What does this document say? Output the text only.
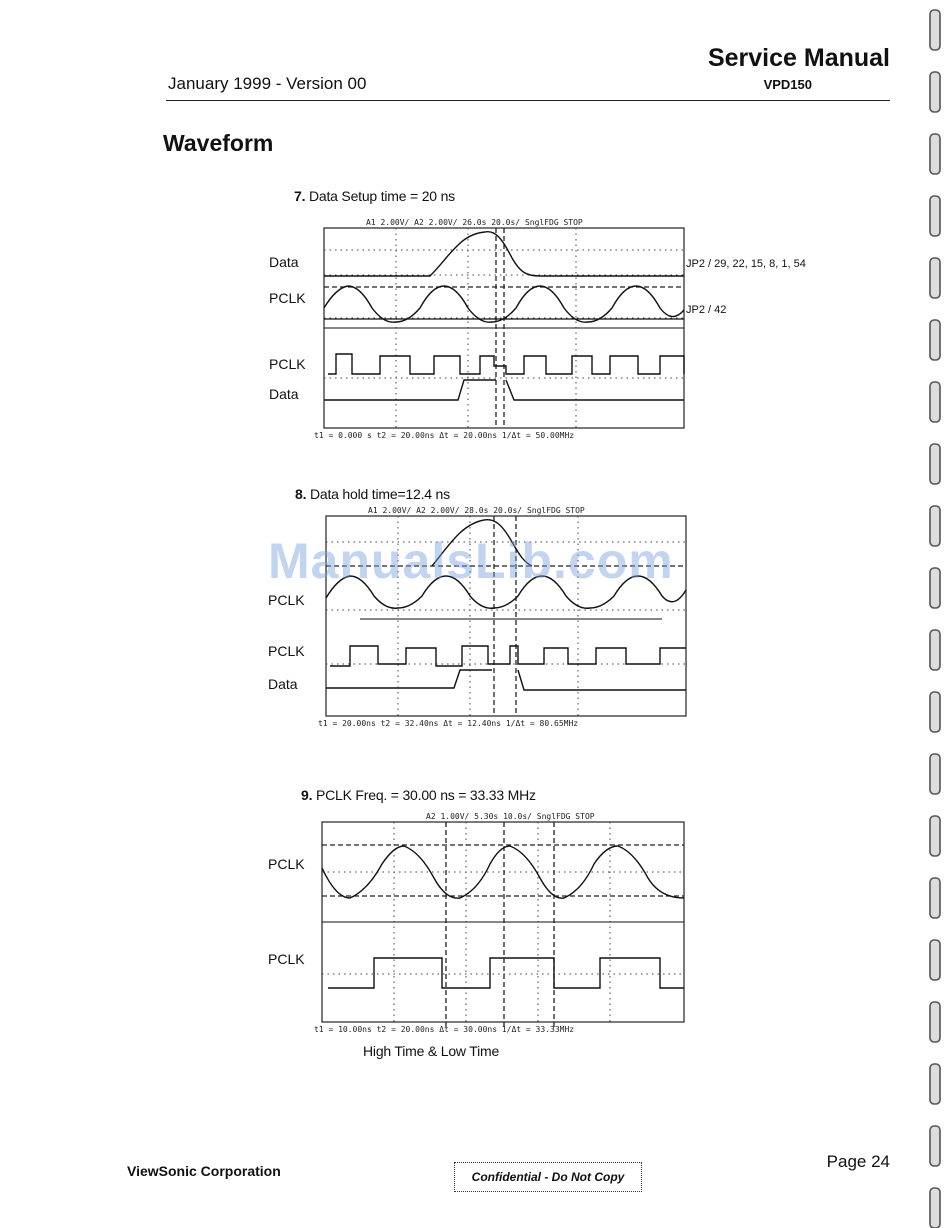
Service Manual
VPD150
January 1999 - Version 00
Waveform
7. Data Setup time = 20 ns
A1 2.00V/ A2 2.00V/ 26.0s 20.0s/ SnglFDG STOP
t1 = 0.000 s t2 = 20.00ns Δt = 20.00ns 1/Δt = 50.00MHz
Data
PCLK
PCLK
Data
JP2 / 29, 22, 15, 8, 1, 54
JP2 / 42
8. Data hold time=12.4 ns
A1 2.00V/ A2 2.00V/ 28.0s 20.0s/ SnglFDG STOP
t1 = 20.00ns t2 = 32.40ns Δt = 12.40ns 1/Δt = 80.65MHz
PCLK
PCLK
Data
ManualsLib.com
9. PCLK Freq. = 30.00 ns = 33.33 MHz
A2 1.00V/ 5.30s 10.0s/ SnglFDG STOP
t1 = 10.00ns t2 = 20.00ns Δt = 30.00ns 1/Δt = 33.33MHz
PCLK
PCLK
High Time & Low Time
Page 24
Confidential - Do Not Copy
ViewSonic Corporation
